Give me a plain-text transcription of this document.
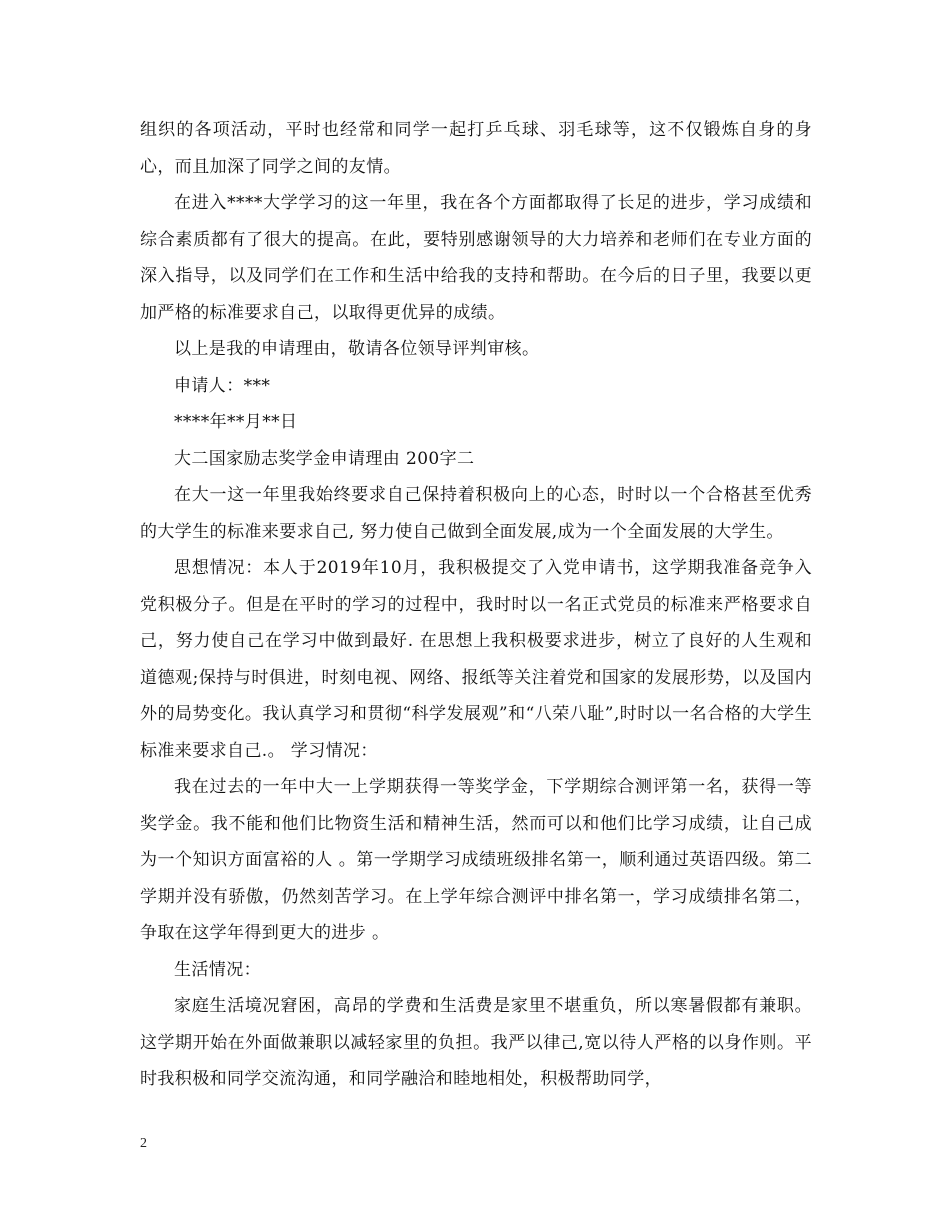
组织的各项活动，平时也经常和同学一起打乒乓球、羽毛球等，这不仅锻炼自身的身心，而且加深了同学之间的友情。

在进入****大学学习的这一年里，我在各个方面都取得了长足的进步，学习成绩和综合素质都有了很大的提高。在此，要特别感谢领导的大力培养和老师们在专业方面的深入指导，以及同学们在工作和生活中给我的支持和帮助。在今后的日子里，我要以更加严格的标准要求自己，以取得更优异的成绩。

以上是我的申请理由，敬请各位领导评判审核。

申请人：***

****年**月**日

大二国家励志奖学金申请理由 200字二

在大一这一年里我始终要求自己保持着积极向上的心态，时时以一个合格甚至优秀的大学生的标准来要求自己, 努力使自己做到全面发展,成为一个全面发展的大学生。

思想情况：本人于2019年10月，我积极提交了入党申请书，这学期我准备竞争入党积极分子。但是在平时的学习的过程中，我时时以一名正式党员的标准来严格要求自己，努力使自己在学习中做到最好. 在思想上我积极要求进步，树立了良好的人生观和道德观;保持与时俱进，时刻电视、网络、报纸等关注着党和国家的发展形势，以及国内外的局势变化。我认真学习和贯彻“科学发展观”和“八荣八耻”,时时以一名合格的大学生标准来要求自己.。 学习情况：

我在过去的一年中大一上学期获得一等奖学金，下学期综合测评第一名，获得一等奖学金。我不能和他们比物资生活和精神生活，然而可以和他们比学习成绩，让自己成为一个知识方面富裕的人 。第一学期学习成绩班级排名第一，顺利通过英语四级。第二学期并没有骄傲，仍然刻苦学习。在上学年综合测评中排名第一，学习成绩排名第二，争取在这学年得到更大的进步 。

生活情况：

家庭生活境况窘困，高昂的学费和生活费是家里不堪重负，所以寒暑假都有兼职。这学期开始在外面做兼职以减轻家里的负担。我严以律己,宽以待人严格的以身作则。平时我积极和同学交流沟通，和同学融洽和睦地相处，积极帮助同学，

2
